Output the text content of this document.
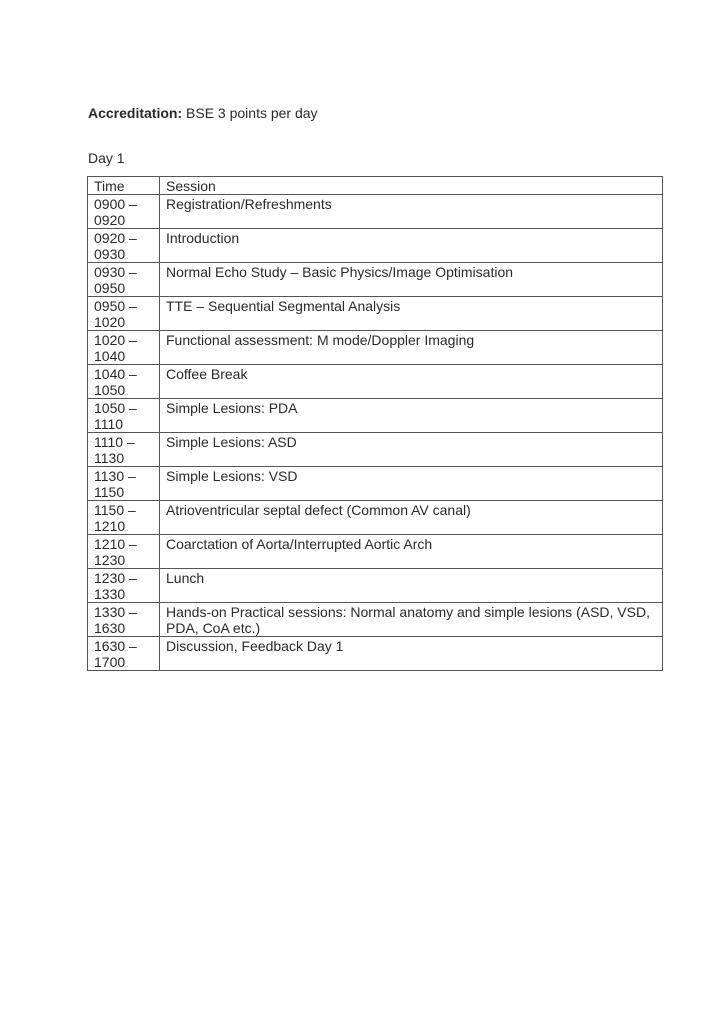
Accreditation: BSE 3 points per day
Day 1
Time	Session

0900 –
0920	Registration/Refreshments

0920 –
0930	Introduction

0930 –
0950	Normal Echo Study – Basic Physics/Image Optimisation

0950 –
1020	TTE – Sequential Segmental Analysis

1020 –
1040	Functional assessment: M mode/Doppler Imaging

1040 –
1050	Coffee Break

1050 –
1110	Simple Lesions: PDA

1110 –
1130	Simple Lesions: ASD

1130 –
1150	Simple Lesions: VSD

1150 –
1210	Atrioventricular septal defect (Common AV canal)

1210 –
1230	Coarctation of Aorta/Interrupted Aortic Arch

1230 –
1330	Lunch

1330 –
1630	Hands-on Practical sessions: Normal anatomy and simple lesions (ASD, VSD, PDA, CoA etc.)

1630 –
1700	Discussion, Feedback Day 1
